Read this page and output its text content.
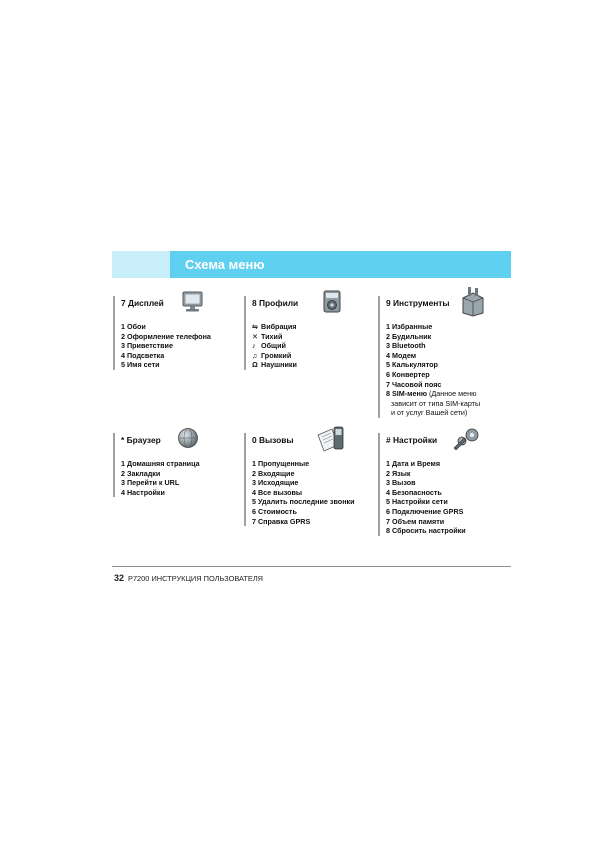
Схема меню
7 Дисплей
1 Обои
2 Оформление телефона
3 Приветствие
4 Подсветка
5 Имя сети
8 Профили
⇋ Вибрация
✕ Тихий
♪ Общий
♫ Громкий
Ω Наушники
9 Инструменты
1 Избранные
2 Будильник
3 Bluetooth
4 Модем
5 Калькулятор
6 Конвертер
7 Часовой пояс
8 SIM-меню (Данное меню
зависит от типа SIM-карты
и от услуг Вашей сети)
* Браузер
1 Домашняя страница
2 Закладки
3 Перейти к URL
4 Настройки
0 Вызовы
1 Пропущенные
2 Входящие
3 Исходящие
4 Все вызовы
5 Удалить последние звонки
6 Стоимость
7 Справка GPRS
# Настройки
1 Дата и Время
2 Язык
3 Вызов
4 Безопасность
5 Настройки сети
6 Подключение GPRS
7 Объем памяти
8 Сбросить настройки
32 P7200 ИНСТРУКЦИЯ ПОЛЬЗОВАТЕЛЯ
